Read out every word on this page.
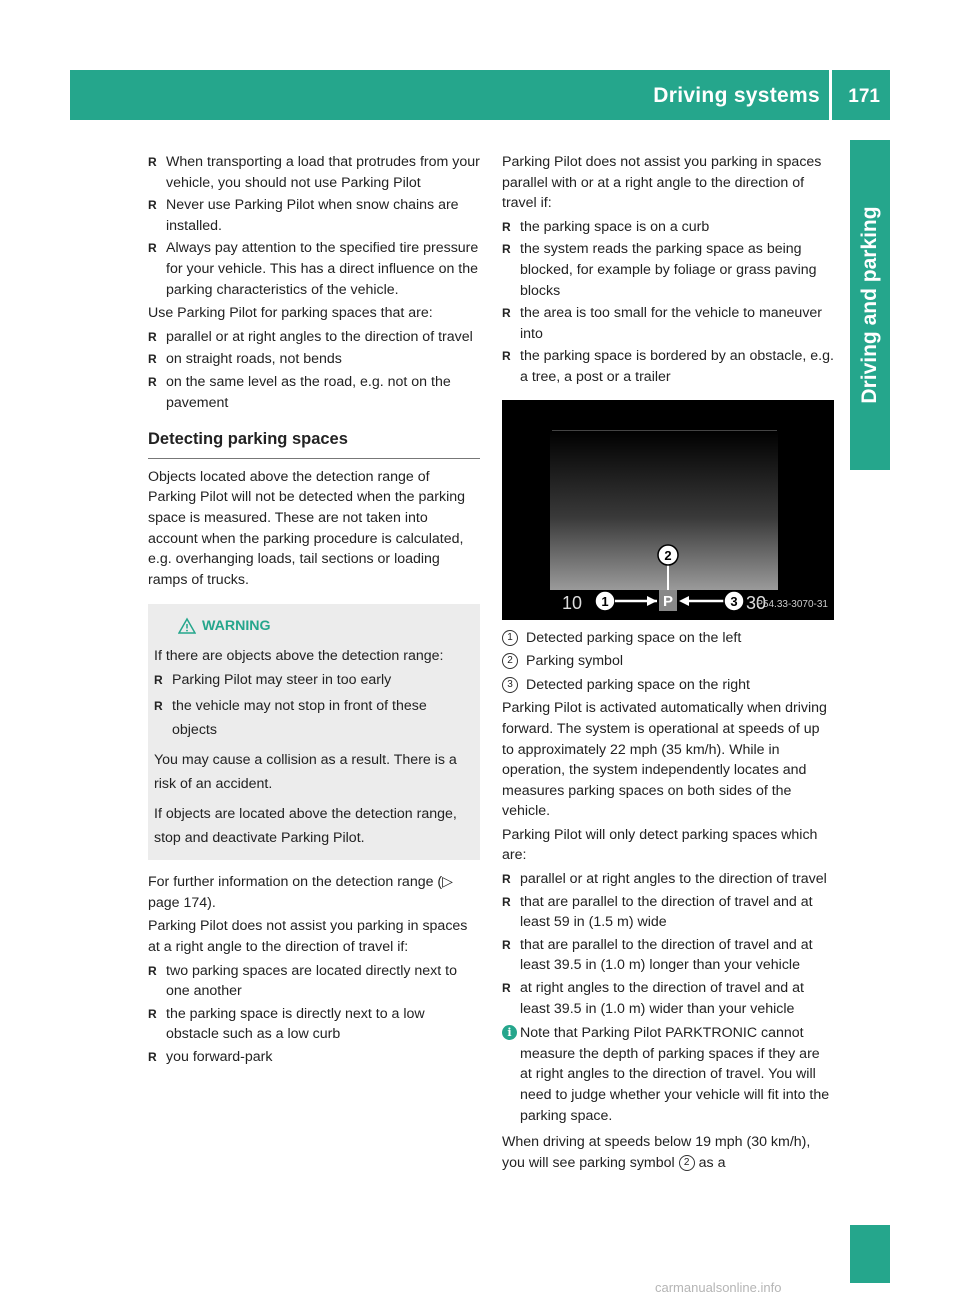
Driving systems 171
Driving and parking
R When transporting a load that protrudes from your vehicle, you should not use Parking Pilot
R Never use Parking Pilot when snow chains are installed.
R Always pay attention to the specified tire pressure for your vehicle. This has a direct influence on the parking characteristics of the vehicle.

Use Parking Pilot for parking spaces that are:

R parallel or at right angles to the direction of travel
R on straight roads, not bends
R on the same level as the road, e.g. not on the pavement
Detecting parking spaces

Objects located above the detection range of Parking Pilot will not be detected when the parking space is measured. These are not taken into account when the parking procedure is calculated, e.g. overhanging loads, tail sections or loading ramps of trucks.

WARNING

If there are objects above the detection range:

R Parking Pilot may steer in too early
R the vehicle may not stop in front of these objects

You may cause a collision as a result. There is a risk of an accident.

If objects are located above the detection range, stop and deactivate Parking Pilot.

For further information on the detection range (▷ page 174).

Parking Pilot does not assist you parking in spaces at a right angle to the direction of travel if:

R two parking spaces are located directly next to one another
R the parking space is directly next to a low obstacle such as a low curb
R you forward-park

Parking Pilot does not assist you parking in spaces parallel with or at a right angle to the direction of travel if:

R the parking space is on a curb
R the system reads the parking space as being blocked, for example by foliage or grass paving blocks
R the area is too small for the vehicle to maneuver into
R the parking space is bordered by an obstacle, e.g. a tree, a post or a trailer
10 1	P	3 30
2
P54.33-3070-31

1 Detected parking space on the left

2 Parking symbol

3 Detected parking space on the right

Parking Pilot is activated automatically when driving forward. The system is operational at speeds of up to approximately 22 mph (35 km/h). While in operation, the system independently locates and measures parking spaces on both sides of the vehicle.

Parking Pilot will only detect parking spaces which are:

R parallel or at right angles to the direction of travel
R that are parallel to the direction of travel and at least 59 in (1.5 m) wide
R that are parallel to the direction of travel and at least 39.5 in (1.0 m) longer than your vehicle
R at right angles to the direction of travel and at least 39.5 in (1.0 m) wider than your vehicle
i Note that Parking Pilot PARKTRONIC cannot measure the depth of parking spaces if they are at right angles to the direction of travel. You will need to judge whether your vehicle will fit into the parking space.

When driving at speeds below 19 mph (30 km/h), you will see parking symbol 2 as a

carmanualsonline.info
